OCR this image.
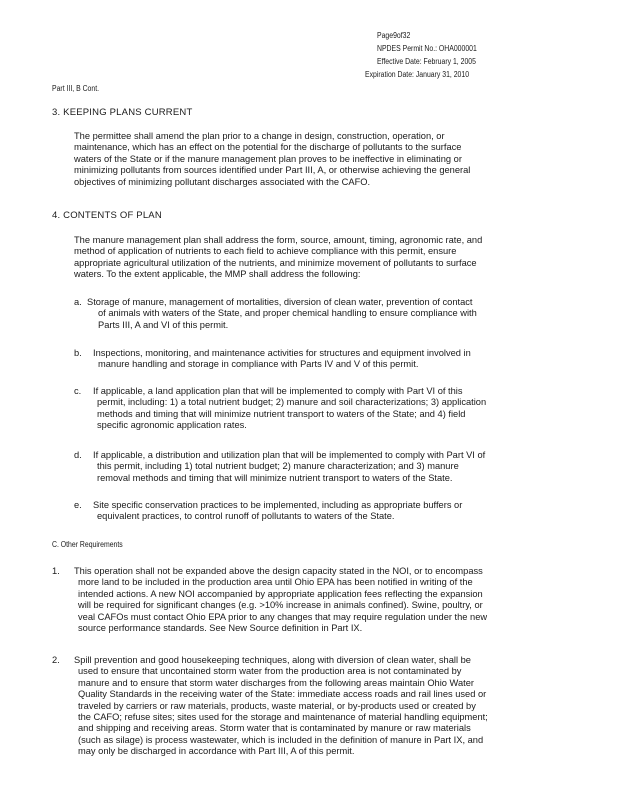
Page9of32
NPDES Permit No.: OHA000001
Effective Date: February 1, 2005
Expiration Date: January 31, 2010
Part III, B Cont.
3. KEEPING PLANS CURRENT
The permittee shall amend the plan prior to a change in design, construction, operation, or
maintenance, which has an effect on the potential for the discharge of pollutants to the surface
waters of the State or if the manure management plan proves to be ineffective in eliminating or
minimizing pollutants from sources identified under Part III, A, or otherwise achieving the general
objectives of minimizing pollutant discharges associated with the CAFO.
4. CONTENTS OF PLAN
The manure management plan shall address the form, source, amount, timing, agronomic rate, and
method of application of nutrients to each field to achieve compliance with this permit, ensure
appropriate agricultural utilization of the nutrients, and minimize movement of pollutants to surface
waters. To the extent applicable, the MMP shall address the following:
a. Storage of manure, management of mortalities, diversion of clean water, prevention of contact
of animals with waters of the State, and proper chemical handling to ensure compliance with
Parts III, A and VI of this permit.
b. Inspections, monitoring, and maintenance activities for structures and equipment involved in
manure handling and storage in compliance with Parts IV and V of this permit.
c. If applicable, a land application plan that will be implemented to comply with Part VI of this
permit, including: 1) a total nutrient budget; 2) manure and soil characterizations; 3) application
methods and timing that will minimize nutrient transport to waters of the State; and 4) field
specific agronomic application rates.
d. If applicable, a distribution and utilization plan that will be implemented to comply with Part VI of
this permit, including 1) total nutrient budget; 2) manure characterization; and 3) manure
removal methods and timing that will minimize nutrient transport to waters of the State.
e. Site specific conservation practices to be implemented, including as appropriate buffers or
equivalent practices, to control runoff of pollutants to waters of the State.
C. Other Requirements
1. This operation shall not be expanded above the design capacity stated in the NOI, or to encompass
more land to be included in the production area until Ohio EPA has been notified in writing of the
intended actions. A new NOI accompanied by appropriate application fees reflecting the expansion
will be required for significant changes (e.g. >10% increase in animals confined). Swine, poultry, or
veal CAFOs must contact Ohio EPA prior to any changes that may require regulation under the new
source performance standards. See New Source definition in Part IX.
2. Spill prevention and good housekeeping techniques, along with diversion of clean water, shall be
used to ensure that uncontained storm water from the production area is not contaminated by
manure and to ensure that storm water discharges from the following areas maintain Ohio Water
Quality Standards in the receiving water of the State: immediate access roads and rail lines used or
traveled by carriers or raw materials, products, waste material, or by-products used or created by
the CAFO; refuse sites; sites used for the storage and maintenance of material handling equipment;
and shipping and receiving areas. Storm water that is contaminated by manure or raw materials
(such as silage) is process wastewater, which is included in the definition of manure in Part IX, and
may only be discharged in accordance with Part III, A of this permit.
